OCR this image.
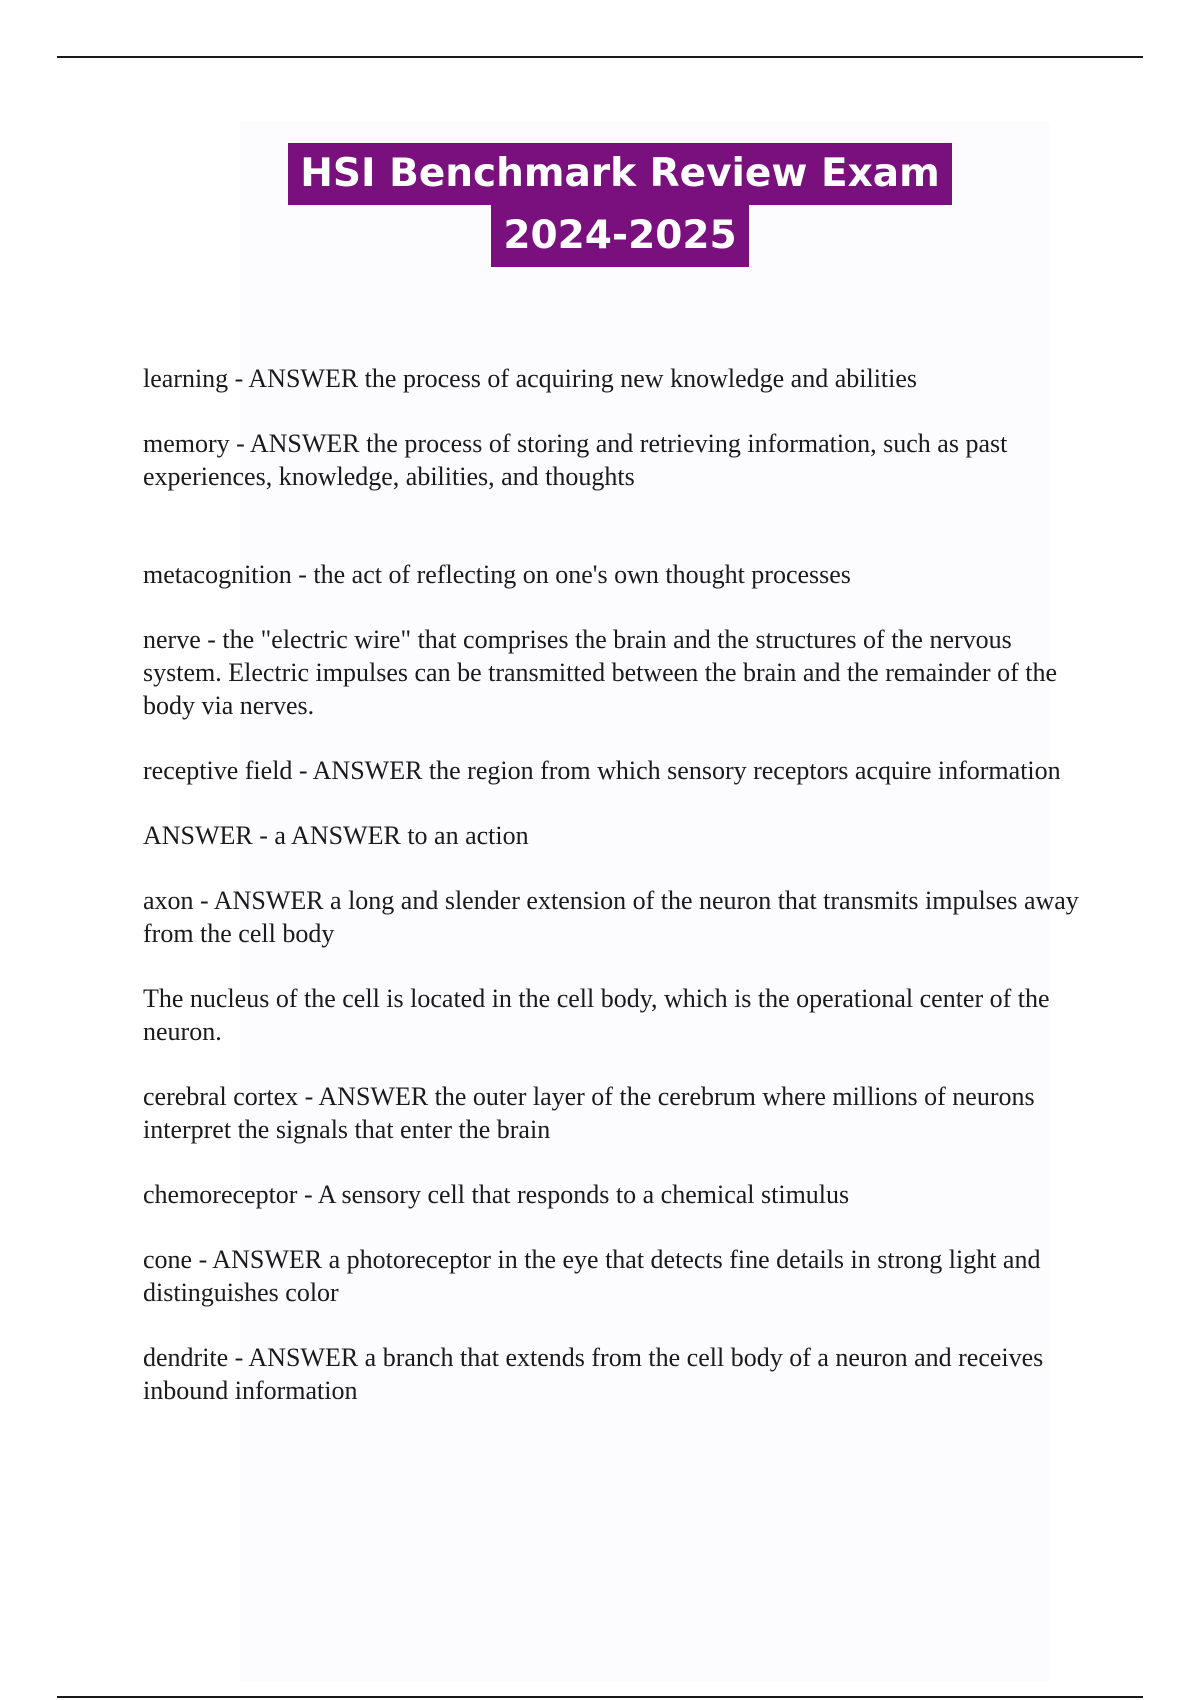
HSI Benchmark Review Exam
2024-2025

learning - ANSWER the process of acquiring new knowledge and abilities

memory - ANSWER the process of storing and retrieving information, such as past experiences, knowledge, abilities, and thoughts

metacognition - the act of reflecting on one's own thought processes

nerve - the "electric wire" that comprises the brain and the structures of the nervous system. Electric impulses can be transmitted between the brain and the remainder of the body via nerves.

receptive field - ANSWER the region from which sensory receptors acquire information

ANSWER - a ANSWER to an action

axon - ANSWER a long and slender extension of the neuron that transmits impulses away from the cell body

The nucleus of the cell is located in the cell body, which is the operational center of the neuron.

cerebral cortex - ANSWER the outer layer of the cerebrum where millions of neurons interpret the signals that enter the brain

chemoreceptor - A sensory cell that responds to a chemical stimulus

cone - ANSWER a photoreceptor in the eye that detects fine details in strong light and distinguishes color

dendrite - ANSWER a branch that extends from the cell body of a neuron and receives inbound information
